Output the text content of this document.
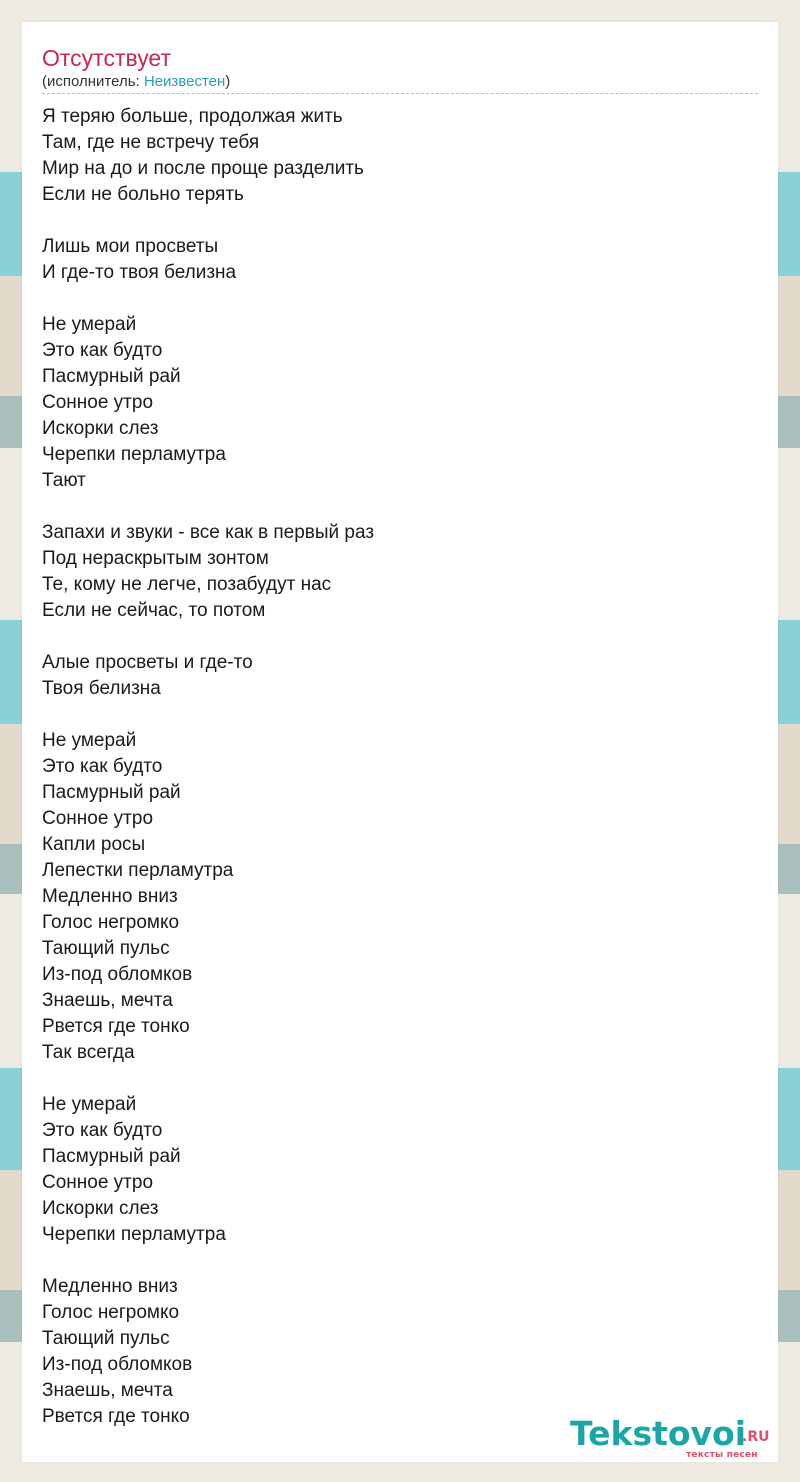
Отсутствует
(исполнитель: Неизвестен)
Я теряю больше, продолжая жить
Там, где не встречу тебя
Мир на до и после проще разделить
Если не больно терять
Лишь мои просветы
И где-то твоя белизна
Не умерай
Это как будто
Пасмурный рай
Сонное утро
Искорки слез
Черепки перламутра
Тают
Запахи и звуки - все как в первый раз
Под нераскрытым зонтом
Те, кому не легче, позабудут нас
Если не сейчас, то потом
Алые просветы и где-то
Твоя белизна
Не умерай
Это как будто
Пасмурный рай
Сонное утро
Капли росы
Лепестки перламутра
Медленно вниз
Голос негромко
Тающий пульс
Из-под обломков
Знаешь, мечта
Рвется где тонко
Так всегда
Не умерай
Это как будто
Пасмурный рай
Сонное утро
Искорки слез
Черепки перламутра
Медленно вниз
Голос негромко
Тающий пульс
Из-под обломков
Знаешь, мечта
Рвется где тонко	Tekstovoi
.RU
тексты песен
